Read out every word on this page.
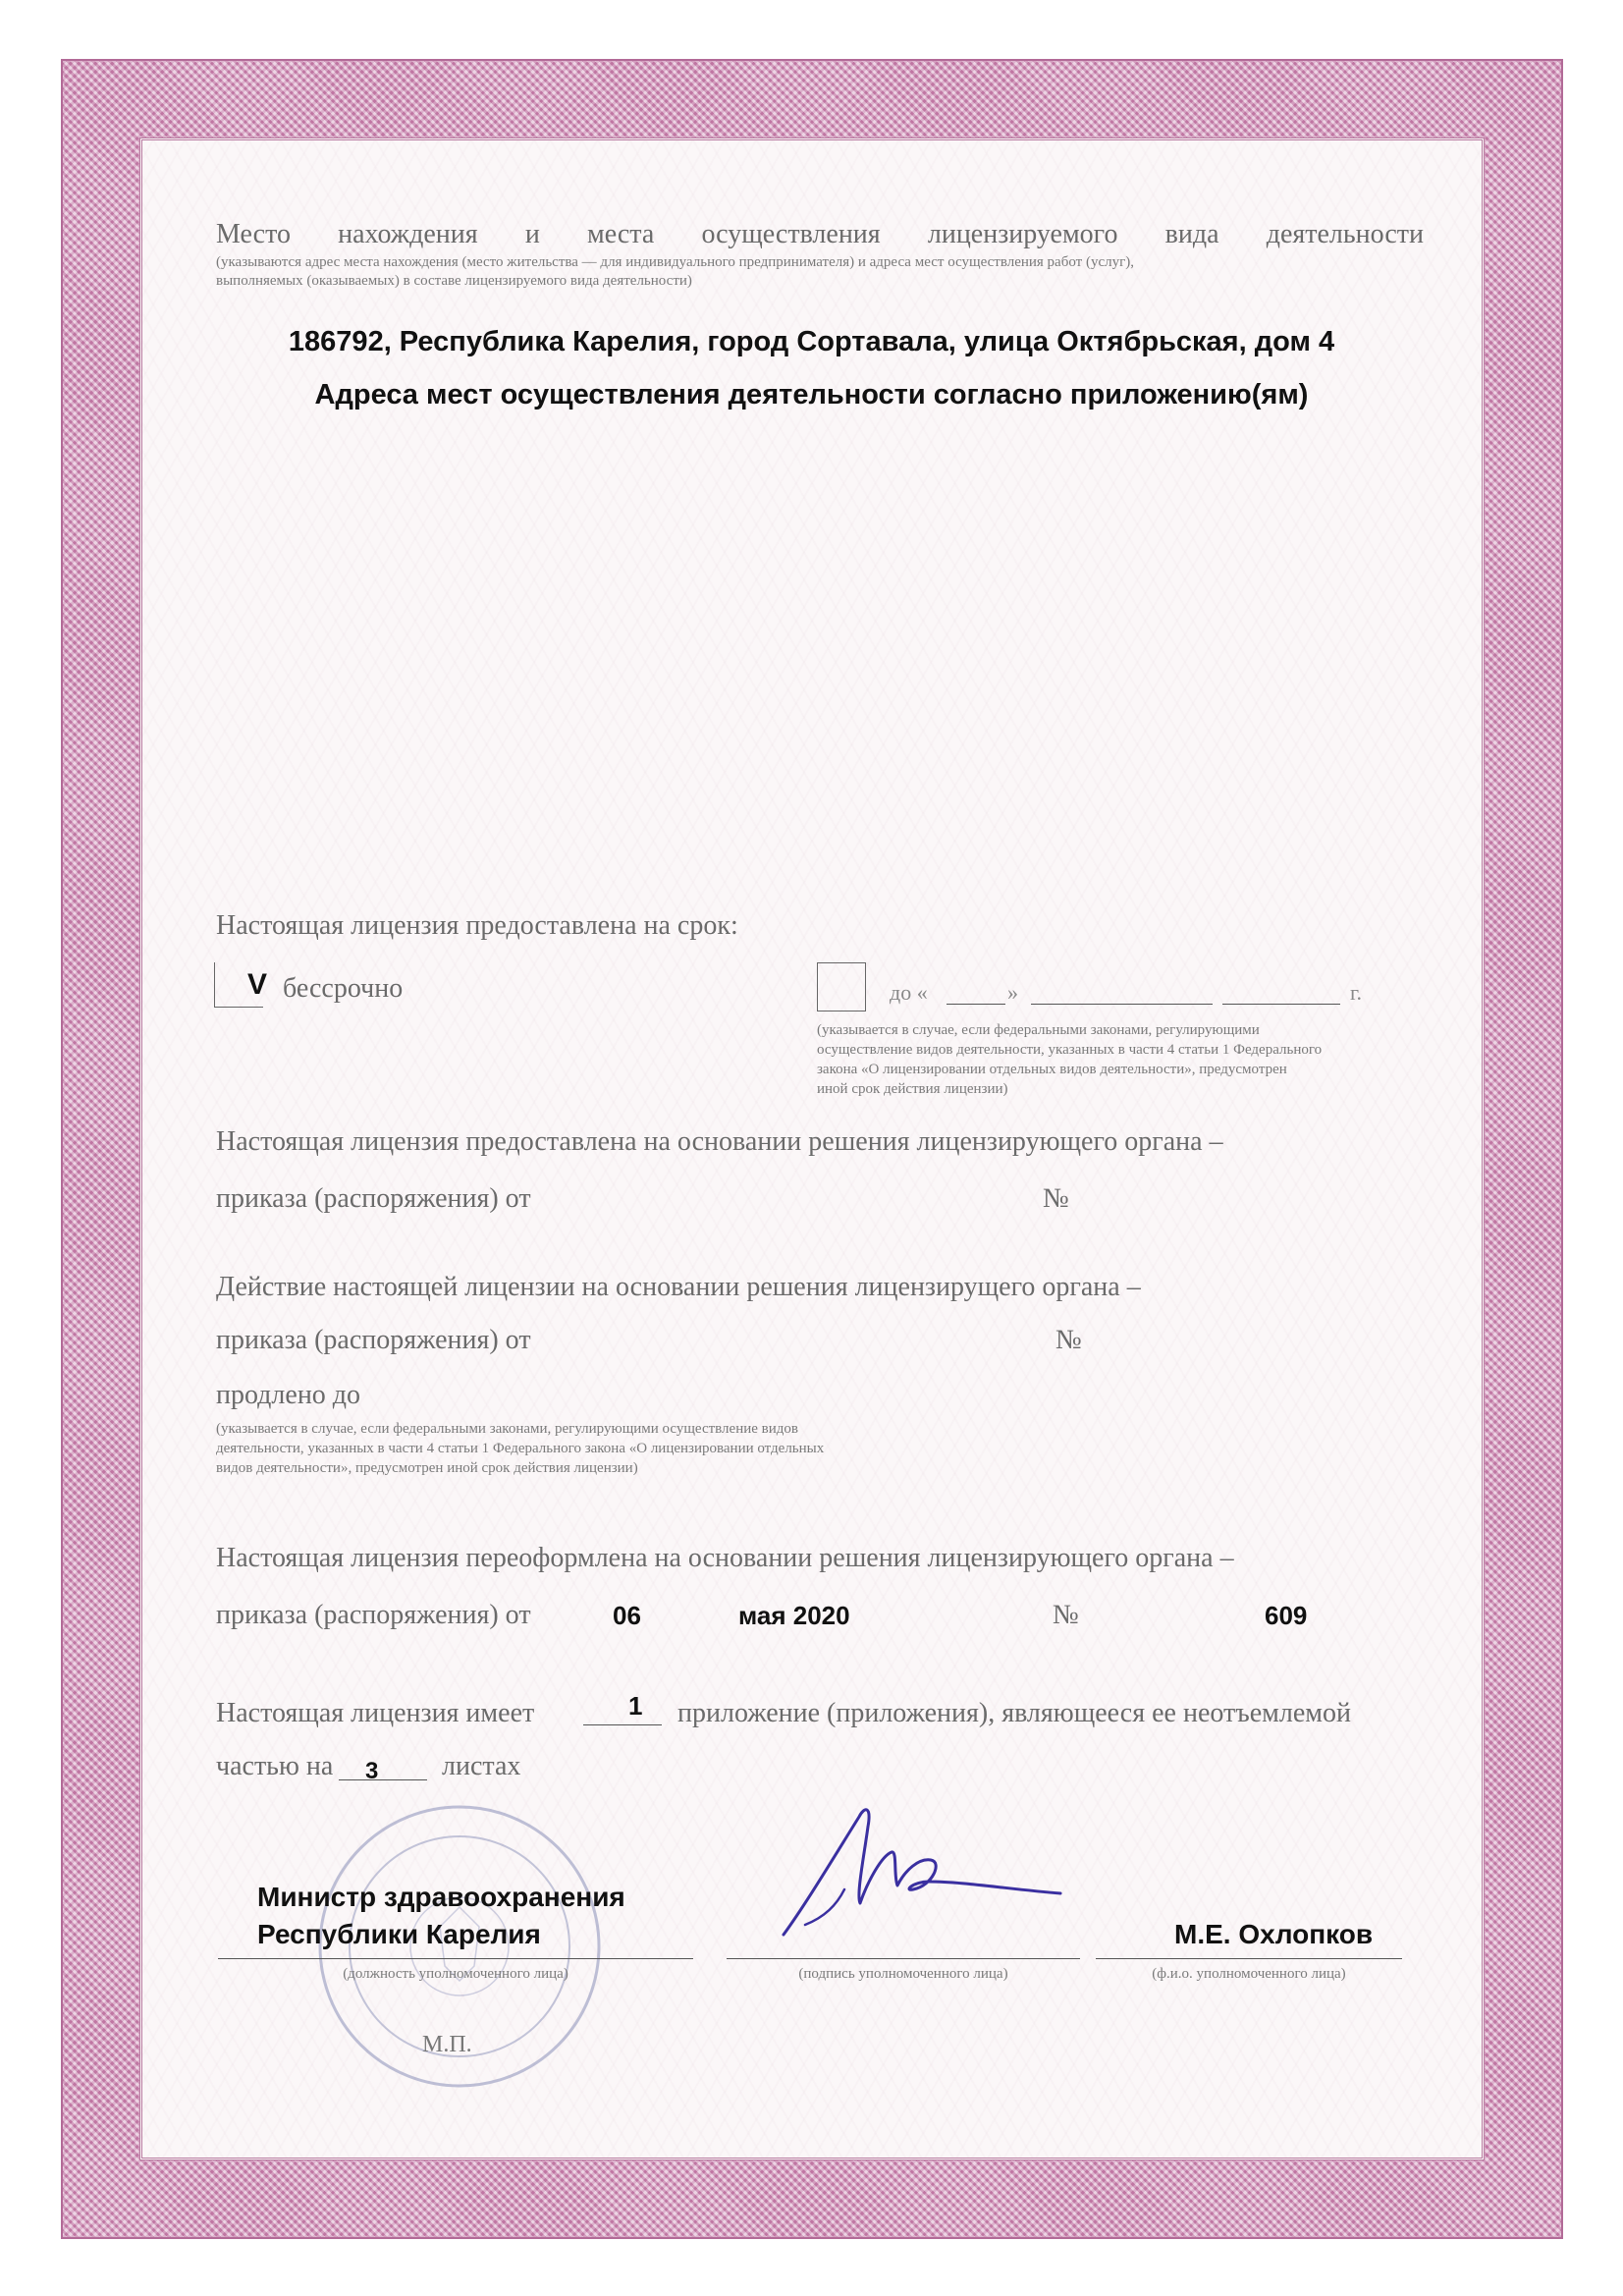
Место нахождения и места осуществления лицензируемого вида деятельности
(указываются адрес места нахождения (место жительства — для индивидуального предпринимателя) и адреса мест осуществления работ (услуг),
выполняемых (оказываемых) в составе лицензируемого вида деятельности)
186792, Республика Карелия, город Сортавала, улица Октябрьская, дом 4
Адреса мест осуществления деятельности согласно приложению(ям)
Настоящая лицензия предоставлена на срок:
V бессрочно	до «	»	г.
(указывается в случае, если федеральными законами, регулирующими
осуществление видов деятельности, указанных в части 4 статьи 1 Федерального
закона «О лицензировании отдельных видов деятельности», предусмотрен
иной срок действия лицензии)
Настоящая лицензия предоставлена на основании решения лицензирующего органа –
приказа (распоряжения) от	№
Действие настоящей лицензии на основании решения лицензирущего органа –
приказа (распоряжения) от	№
продлено до
(указывается в случае, если федеральными законами, регулирующими осуществление видов
деятельности, указанных в части 4 статьи 1 Федерального закона «О лицензировании отдельных
видов деятельности», предусмотрен иной срок действия лицензии)
Настоящая лицензия переоформлена на основании решения лицензирующего органа –
приказа (распоряжения) от	06	мая 2020	№	609
Настоящая лицензия имеет	1 приложение (приложения), являющееся ее неотъемлемой
частью на 3 листах
М.П.
Министр здравоохранения
Республики Карелия
(должность уполномоченного лица)	(подпись уполномоченного лица)
М.Е. Охлопков
(ф.и.о. уполномоченного лица)
